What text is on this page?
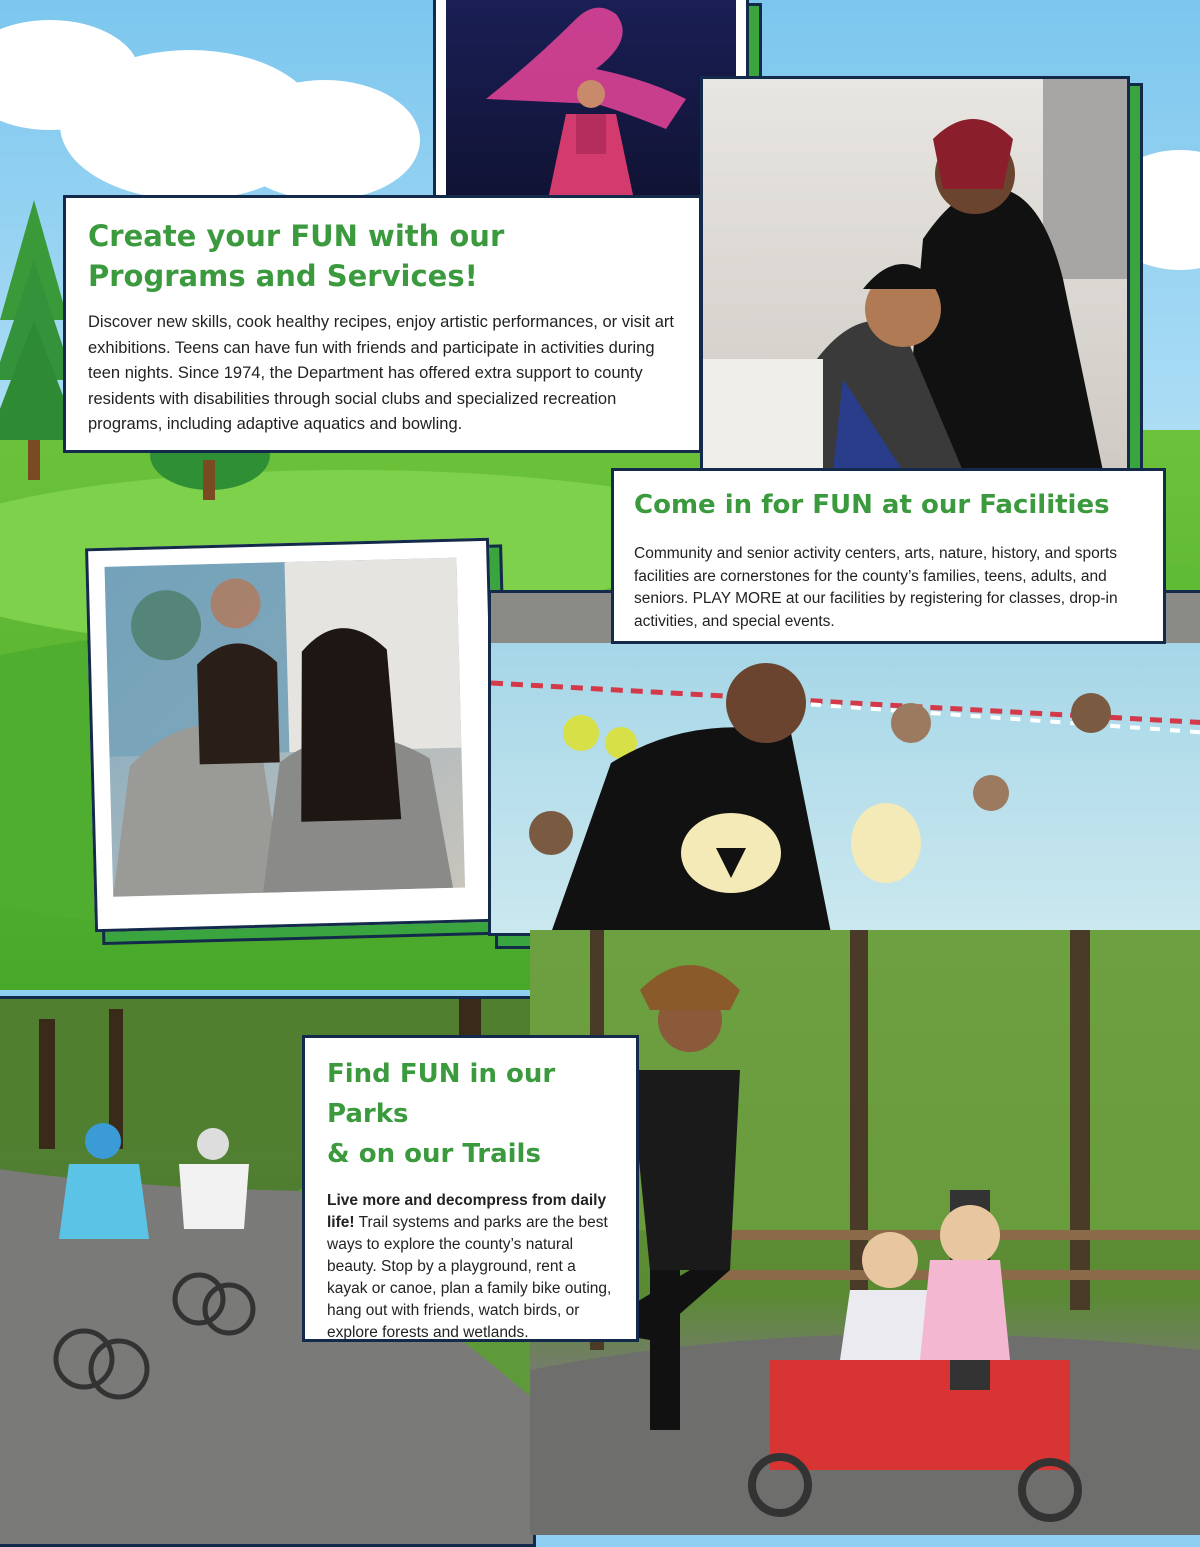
Create your FUN with our
Programs and Services!

Discover new skills, cook healthy recipes, enjoy artistic performances, or visit art exhibitions. Teens can have fun with friends and participate in activities during teen nights. Since 1974, the Department has offered extra support to county residents with disabilities through social clubs and specialized recreation programs, including adaptive aquatics and bowling.

Come in for FUN at our Facilities

Community and senior activity centers, arts, nature, history, and sports facilities are cornerstones for the county’s families, teens, adults, and seniors. PLAY MORE at our facilities by registering for classes, drop-in activities, and special events.

Find FUN in our Parks
& on our Trails

Live more and decompress from daily life! Trail systems and parks are the best ways to explore the county’s natural beauty. Stop by a playground, rent a kayak or canoe, plan a family bike outing, hang out with friends, watch birds, or explore forests and wetlands.
